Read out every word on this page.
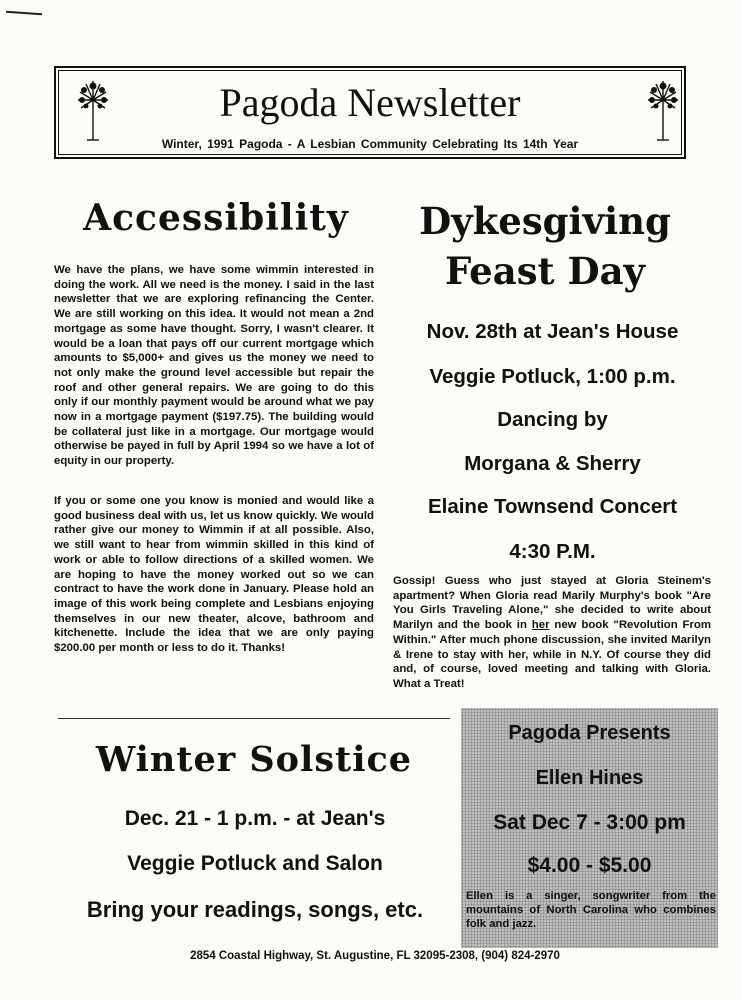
Pagoda Newsletter
Winter, 1991 Pagoda - A Lesbian Community Celebrating Its 14th Year
Accessibility

We have the plans, we have some wimmin interested in doing the work. All we need is the money. I said in the last newsletter that we are exploring refinancing the Center. We are still working on this idea. It would not mean a 2nd mortgage as some have thought. Sorry, I wasn't clearer. It would be a loan that pays off our current mortgage which amounts to $5,000+ and gives us the money we need to not only make the ground level accessible but repair the roof and other general repairs. We are going to do this only if our monthly payment would be around what we pay now in a mortgage payment ($197.75). The building would be collateral just like in a mortgage. Our mortgage would otherwise be payed in full by April 1994 so we have a lot of equity in our property.

If you or some one you know is monied and would like a good business deal with us, let us know quickly. We would rather give our money to Wimmin if at all possible. Also, we still want to hear from wimmin skilled in this kind of work or able to follow directions of a skilled women. We are hoping to have the money worked out so we can contract to have the work done in January. Please hold an image of this work being complete and Lesbians enjoying themselves in our new theater, alcove, bathroom and kitchenette. Include the idea that we are only paying $200.00 per month or less to do it. Thanks!

Dykesgiving
Feast Day
Nov. 28th at Jean's House
Veggie Potluck, 1:00 p.m.
Dancing by
Morgana & Sherry
Elaine Townsend Concert
4:30 P.M.

Gossip! Guess who just stayed at Gloria Steinem's apartment? When Gloria read Marily Murphy's book "Are You Girls Traveling Alone," she decided to write about Marilyn and the book in her new book "Revolution From Within." After much phone discussion, she invited Marilyn & Irene to stay with her, while in N.Y. Of course they did and, of course, loved meeting and talking with Gloria. What a Treat!

Winter Solstice
Dec. 21 - 1 p.m. - at Jean's
Veggie Potluck and Salon
Bring your readings, songs, etc.
Pagoda Presents
Ellen Hines
Sat Dec 7 - 3:00 pm
$4.00 - $5.00
Ellen is a singer, songwriter from the mountains of North Carolina who combines folk and jazz.
2854 Coastal Highway, St. Augustine, FL 32095-2308, (904) 824-2970
